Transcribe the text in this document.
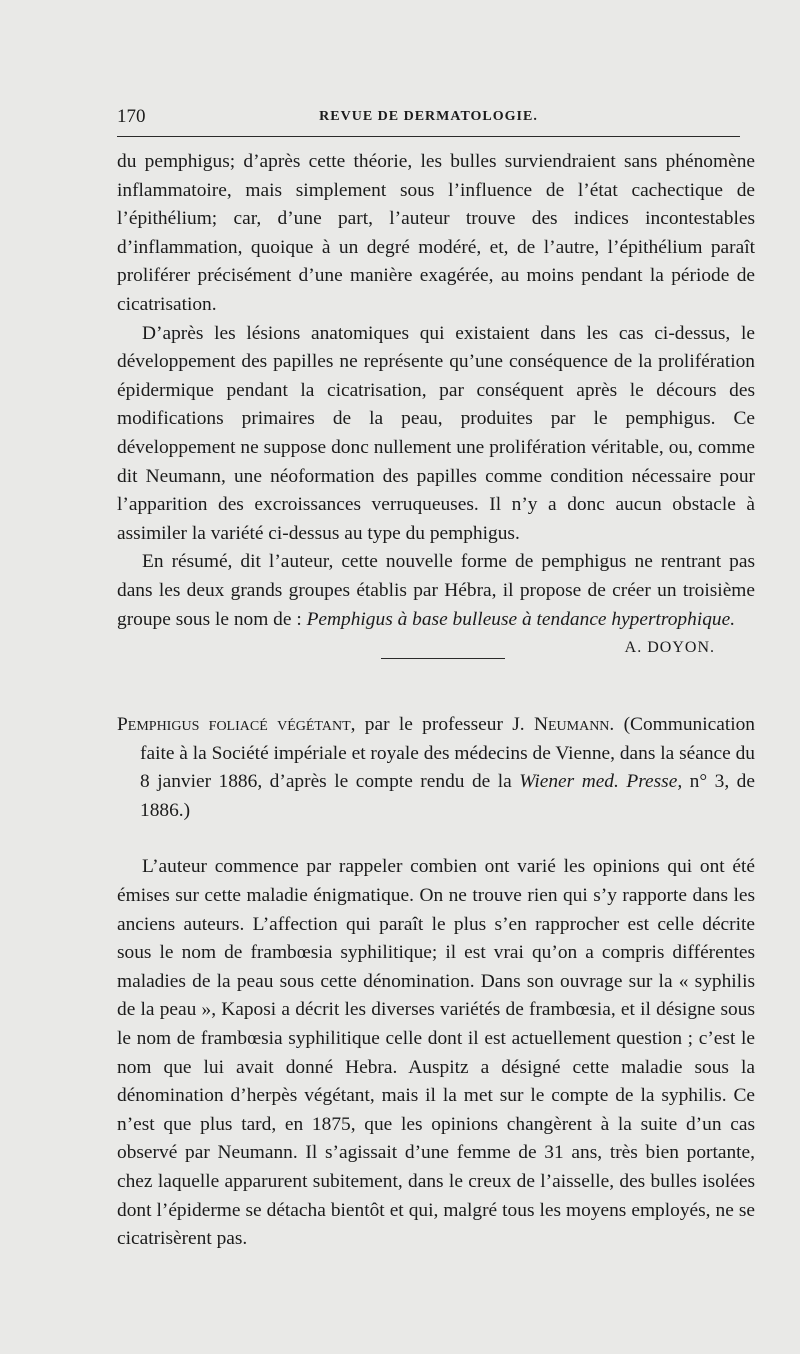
170	REVUE DE DERMATOLOGIE.

du pemphigus; d’après cette théorie, les bulles surviendraient sans phénomène inflammatoire, mais simplement sous l’influence de l’état cachectique de l’épithélium; car, d’une part, l’auteur trouve des indices incontestables d’inflammation, quoique à un degré modéré, et, de l’autre, l’épithélium paraît proliférer précisément d’une manière exagérée, au moins pendant la période de cicatrisation.

D’après les lésions anatomiques qui existaient dans les cas ci-dessus, le développement des papilles ne représente qu’une conséquence de la prolifération épidermique pendant la cicatrisation, par conséquent après le décours des modifications primaires de la peau, produites par le pemphigus. Ce développement ne suppose donc nullement une prolifération véritable, ou, comme dit Neumann, une néoformation des papilles comme condition nécessaire pour l’apparition des excroissances verruqueuses. Il n’y a donc aucun obstacle à assimiler la variété ci-dessus au type du pemphigus.

En résumé, dit l’auteur, cette nouvelle forme de pemphigus ne rentrant pas dans les deux grands groupes établis par Hébra, il propose de créer un troisième groupe sous le nom de : Pemphigus à base bulleuse à tendance hypertrophique.
A. DOYON.

Pemphigus foliacé végétant, par le professeur J. Neumann. (Communication faite à la Société impériale et royale des médecins de Vienne, dans la séance du 8 janvier 1886, d’après le compte rendu de la Wiener med. Presse, n° 3, de 1886.)

L’auteur commence par rappeler combien ont varié les opinions qui ont été émises sur cette maladie énigmatique. On ne trouve rien qui s’y rapporte dans les anciens auteurs. L’affection qui paraît le plus s’en rapprocher est celle décrite sous le nom de frambœsia syphilitique; il est vrai qu’on a compris différentes maladies de la peau sous cette dénomination. Dans son ouvrage sur la « syphilis de la peau », Kaposi a décrit les diverses variétés de frambœsia, et il désigne sous le nom de frambœsia syphilitique celle dont il est actuellement question ; c’est le nom que lui avait donné Hebra. Auspitz a désigné cette maladie sous la dénomination d’herpès végétant, mais il la met sur le compte de la syphilis. Ce n’est que plus tard, en 1875, que les opinions changèrent à la suite d’un cas observé par Neumann. Il s’agissait d’une femme de 31 ans, très bien portante, chez laquelle apparurent subitement, dans le creux de l’aisselle, des bulles isolées dont l’épiderme se détacha bientôt et qui, malgré tous les moyens employés, ne se cicatrisèrent pas.
